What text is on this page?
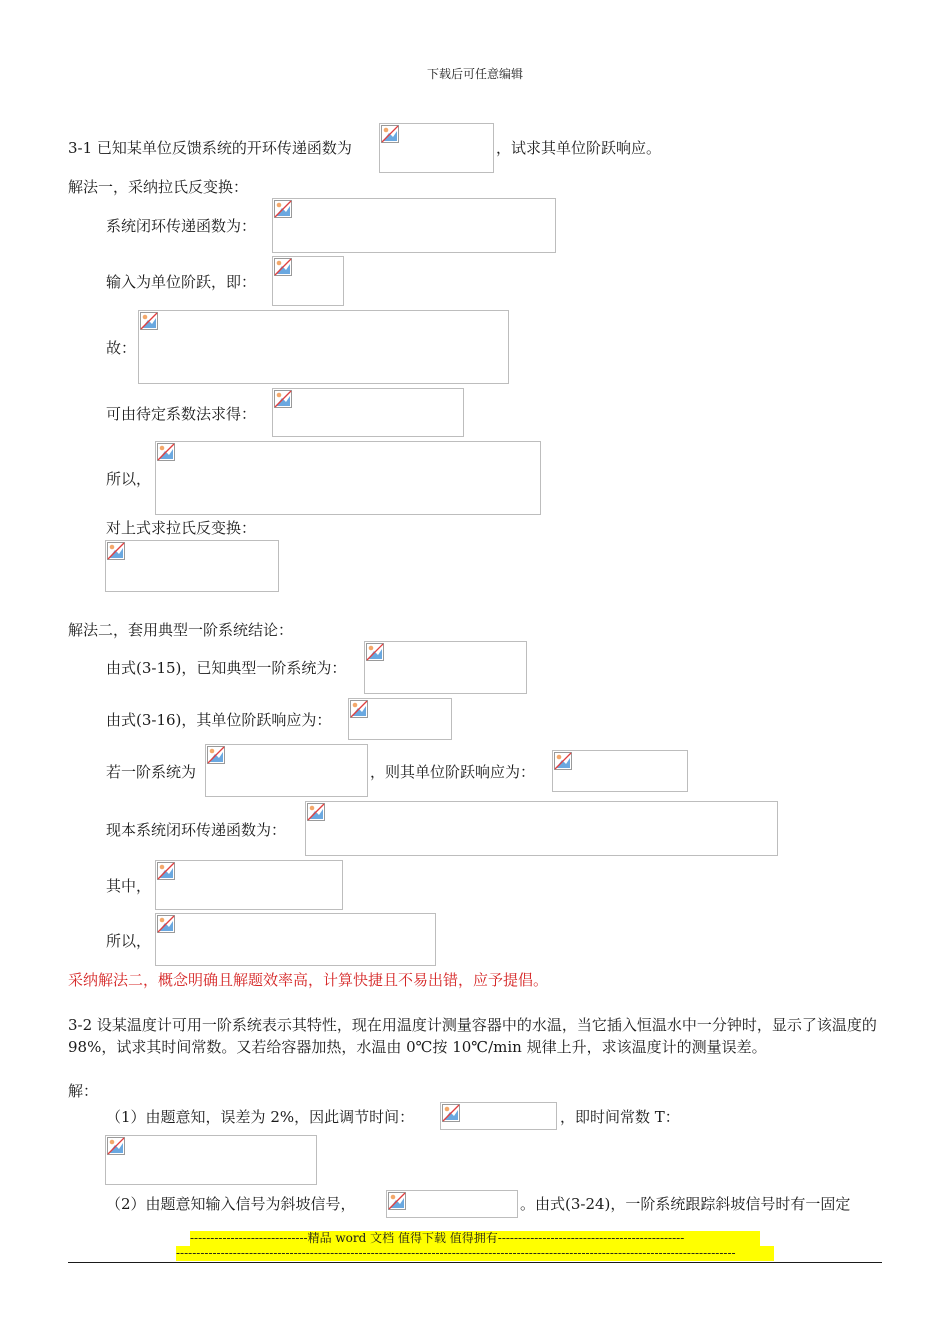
下载后可任意编辑
3-1 已知某单位反馈系统的开环传递函数为	，试求其单位阶跃响应。
解法一，采纳拉氏反变换：
系统闭环传递函数为：
输入为单位阶跃，即：
故：
可由待定系数法求得：
所以，
对上式求拉氏反变换：
解法二，套用典型一阶系统结论：
由式(3-15)，已知典型一阶系统为：
由式(3-16)，其单位阶跃响应为：
若一阶系统为	，则其单位阶跃响应为：
现本系统闭环传递函数为：
其中，
所以，
采纳解法二，概念明确且解题效率高，计算快捷且不易出错，应予提倡。
3-2 设某温度计可用一阶系统表示其特性，现在用温度计测量容器中的水温，当它插入恒温水中一分钟时，显示了该温度的 98%，试求其时间常数。又若给容器加热，水温由 0℃按 10℃/min 规律上升，求该温度计的测量误差。
解：
（1）由题意知，误差为 2%，因此调节时间：	，即时间常数 T：
（2）由题意知输入信号为斜坡信号，	。由式(3-24)，一阶系统跟踪斜坡信号时有一固定
-----------------------------精品 word 文档 值得下载 值得拥有----------------------------------------------
------------------------------------------------------------------------------------------------------------------------------------------
